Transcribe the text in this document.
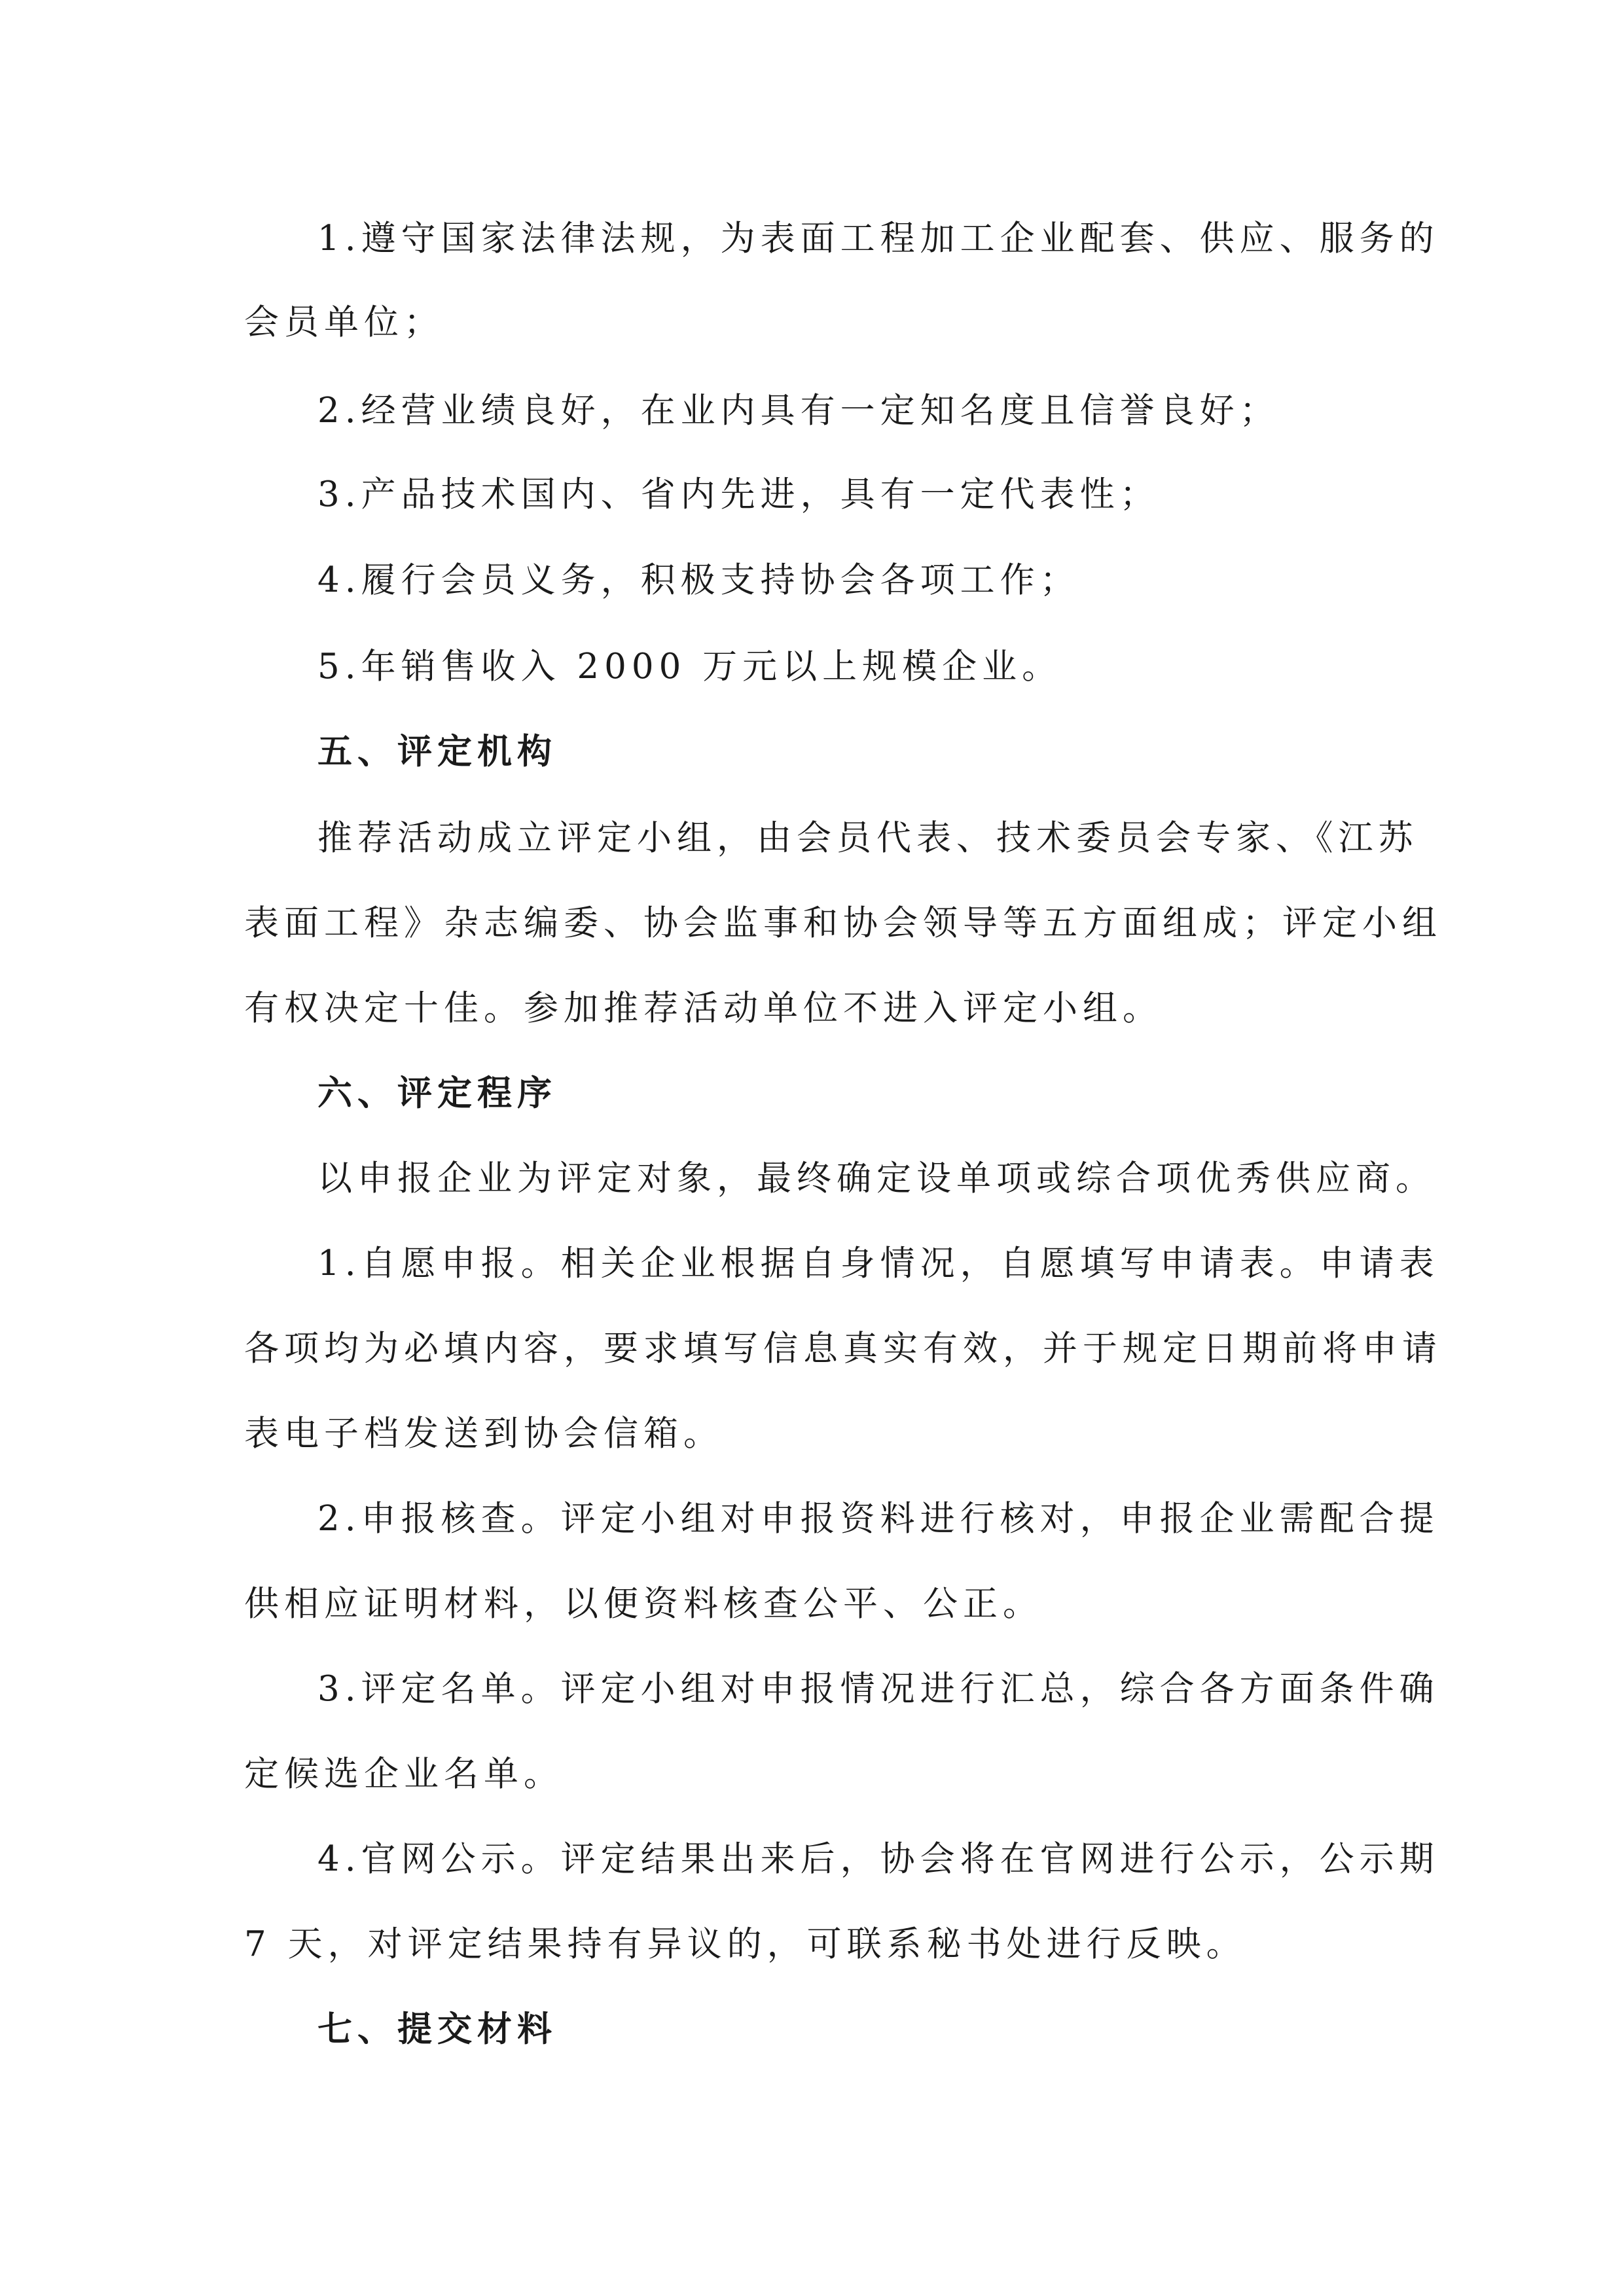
1.遵守国家法律法规，为表面工程加工企业配套、供应、服务的
会员单位；
2.经营业绩良好，在业内具有一定知名度且信誉良好；
3.产品技术国内、省内先进，具有一定代表性；
4.履行会员义务，积极支持协会各项工作；
5.年销售收入 2000 万元以上规模企业。
五、评定机构
推荐活动成立评定小组，由会员代表、技术委员会专家、《江苏
表面工程》杂志编委、协会监事和协会领导等五方面组成；评定小组
有权决定十佳。参加推荐活动单位不进入评定小组。
六、评定程序
以申报企业为评定对象，最终确定设单项或综合项优秀供应商。
1.自愿申报。相关企业根据自身情况，自愿填写申请表。申请表
各项均为必填内容，要求填写信息真实有效，并于规定日期前将申请
表电子档发送到协会信箱。
2.申报核查。评定小组对申报资料进行核对，申报企业需配合提
供相应证明材料，以便资料核查公平、公正。
3.评定名单。评定小组对申报情况进行汇总，综合各方面条件确
定候选企业名单。
4.官网公示。评定结果出来后，协会将在官网进行公示，公示期
7 天，对评定结果持有异议的，可联系秘书处进行反映。
七、提交材料
